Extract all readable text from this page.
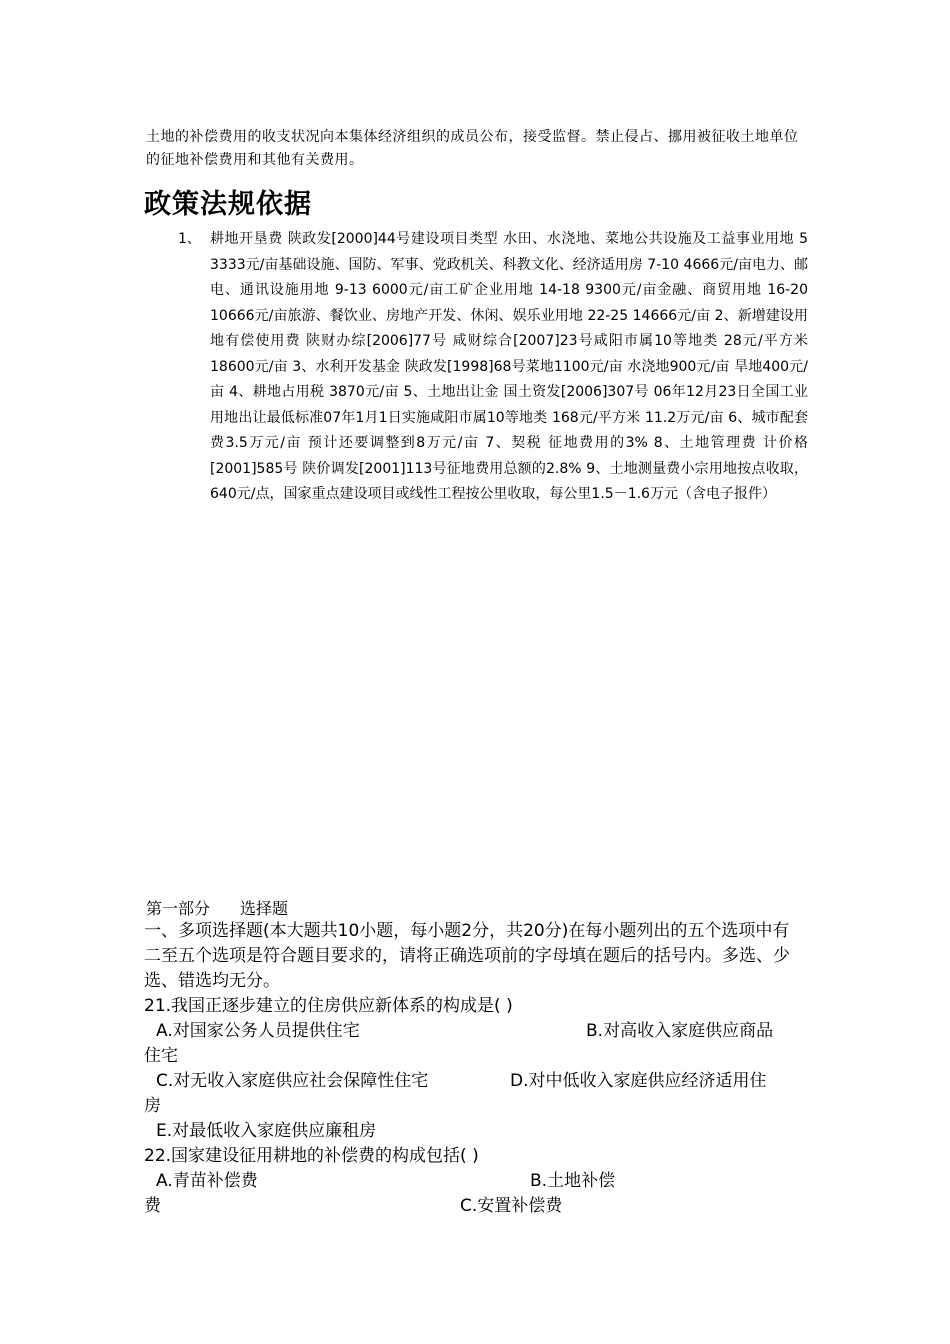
土地的补偿费用的收支状况向本集体经济组织的成员公布，接受监督。禁止侵占、挪用被征收土地单位的征地补偿费用和其他有关费用。
政策法规依据
1、 耕地开垦费 陕政发[2000]44号建设项目类型 水田、水浇地、菜地公共设施及工益事业用地 5 3333元/亩基础设施、国防、军事、党政机关、科教文化、经济适用房 7-10 4666元/亩电力、邮电、通讯设施用地 9-13 6000元/亩工矿企业用地 14-18 9300元/亩金融、商贸用地 16-20 10666元/亩旅游、餐饮业、房地产开发、休闲、娱乐业用地 22-25 14666元/亩 2、新增建设用地有偿使用费 陕财办综[2006]77号 咸财综合[2007]23号咸阳市属10等地类 28元/平方米 18600元/亩 3、水利开发基金 陕政发[1998]68号菜地1100元/亩 水浇地900元/亩 旱地400元/亩 4、耕地占用税 3870元/亩 5、土地出让金 国土资发[2006]307号 06年12月23日全国工业用地出让最低标准07年1月1日实施咸阳市属10等地类 168元/平方米 11.2万元/亩 6、城市配套费3.5万元/亩 预计还要调整到8万元/亩 7、契税 征地费用的3% 8、土地管理费 计价格[2001]585号 陕价调发[2001]113号征地费用总额的2.8% 9、土地测量费小宗用地按点收取，640元/点，国家重点建设项目或线性工程按公里收取，每公里1.5－1.6万元（含电子报件）
第一部分 选择题

一、多项选择题(本大题共10小题，每小题2分，共20分)在每小题列出的五个选项中有二至五个选项是符合题目要求的，请将正确选项前的字母填在题后的括号内。多选、少选、错选均无分。

21.我国正逐步建立的住房供应新体系的构成是( )

A.对国家公务人员提供住宅	B.对高收入家庭供应商品

住宅

C.对无收入家庭供应社会保障性住宅	D.对中低收入家庭供应经济适用住

房

E.对最低收入家庭供应廉租房

22.国家建设征用耕地的补偿费的构成包括( )

A.青苗补偿费	B.土地补偿
费	C.安置补偿费
